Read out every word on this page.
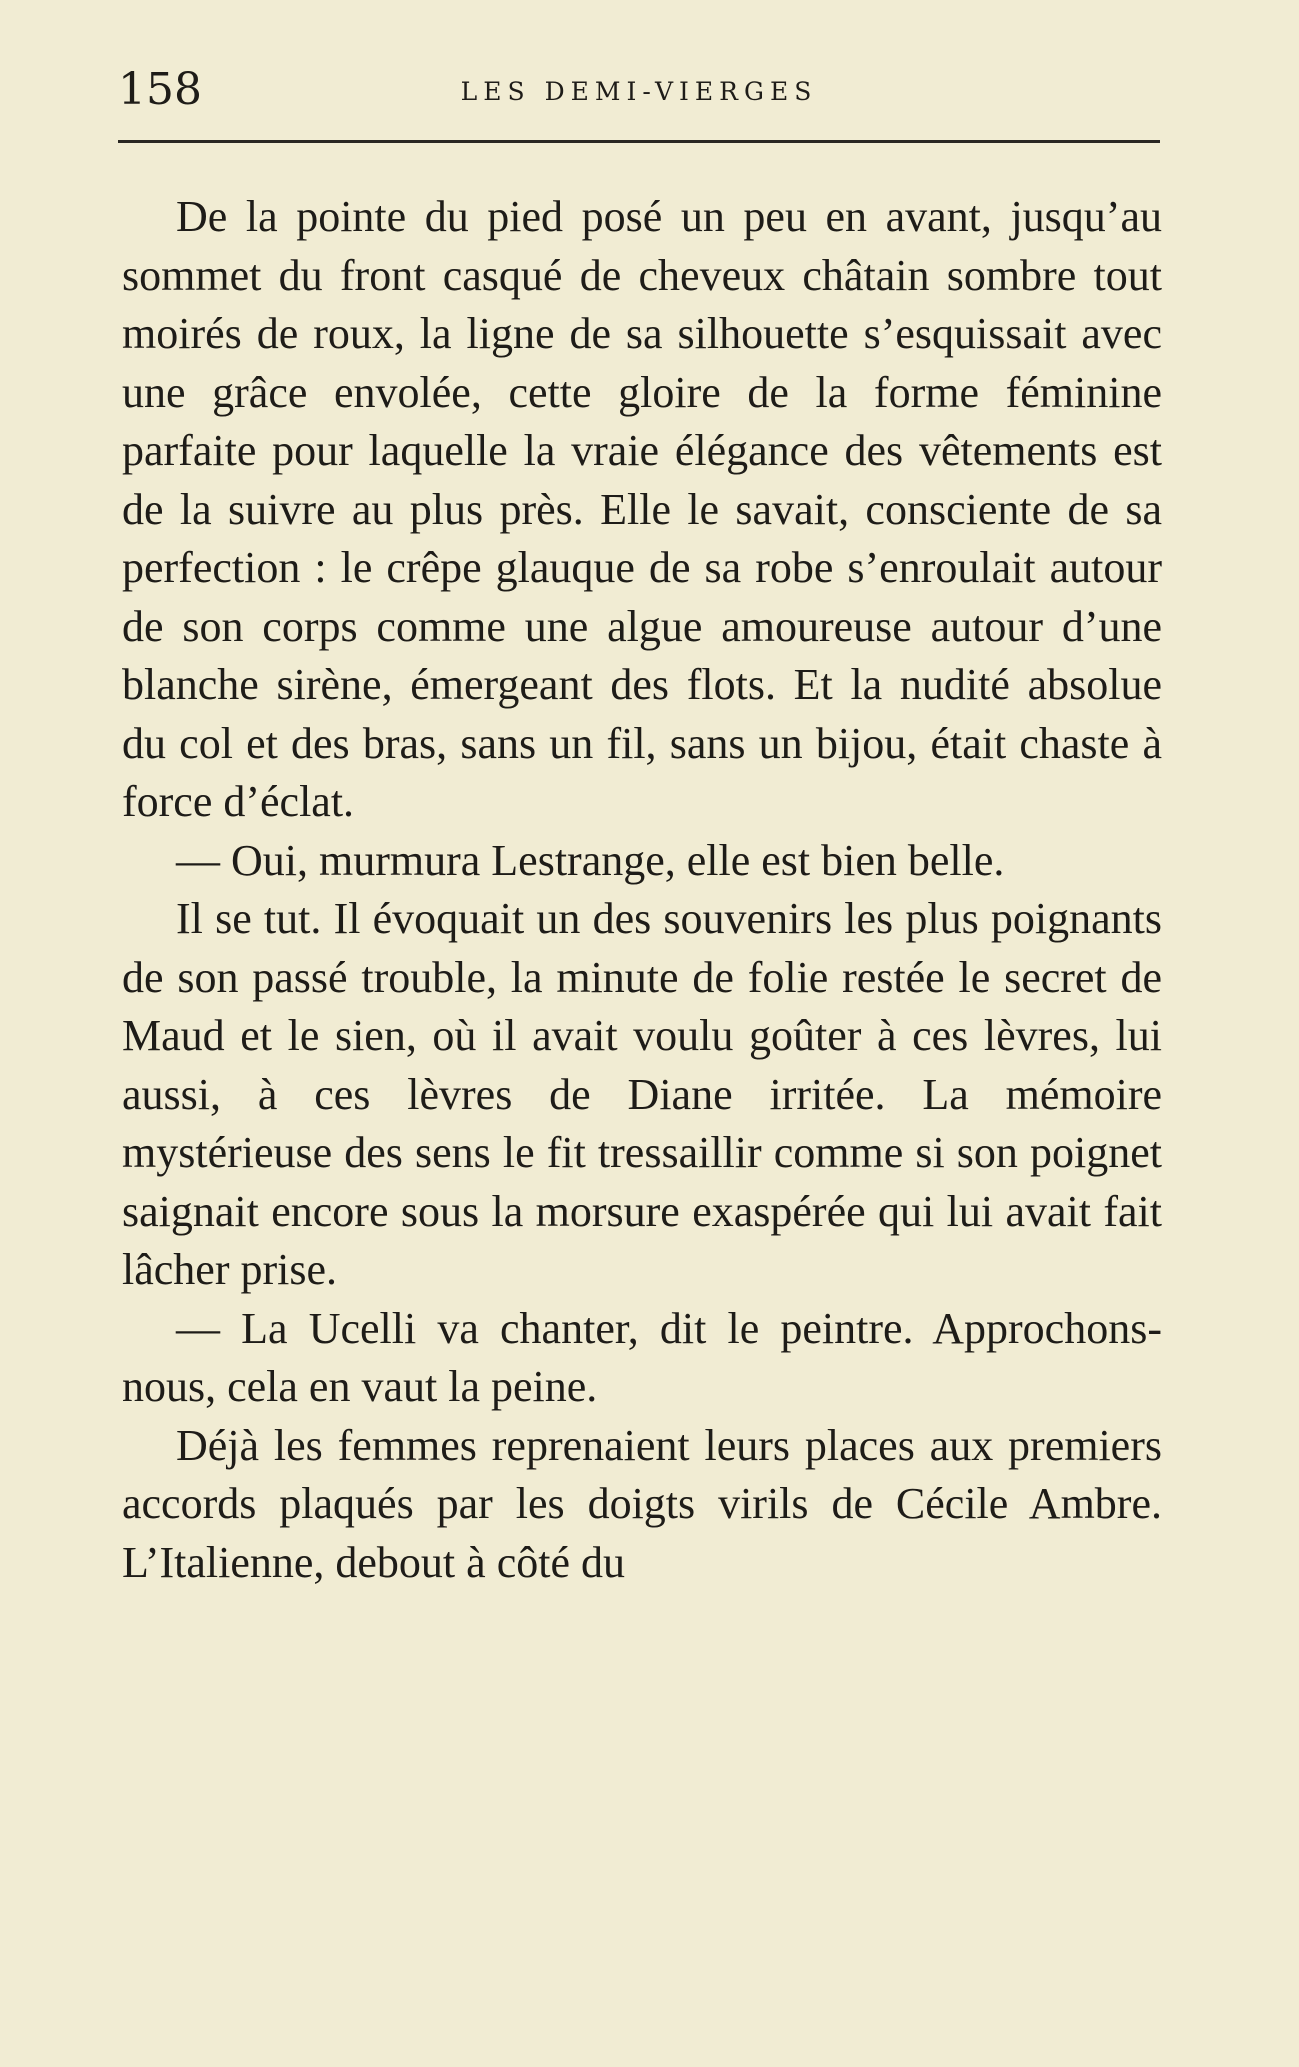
158	LES DEMI-VIERGES

De la pointe du pied posé un peu en avant, jusqu’au sommet du front casqué de cheveux châtain sombre tout moirés de roux, la ligne de sa silhouette s’esquissait avec une grâce envolée, cette gloire de la forme féminine parfaite pour laquelle la vraie élégance des vêtements est de la suivre au plus près. Elle le savait, consciente de sa perfection : le crêpe glauque de sa robe s’enroulait autour de son corps comme une algue amoureuse autour d’une blanche sirène, émergeant des flots. Et la nudité absolue du col et des bras, sans un fil, sans un bijou, était chaste à force d’éclat.

— Oui, murmura Lestrange, elle est bien belle.

Il se tut. Il évoquait un des souvenirs les plus poignants de son passé trouble, la minute de folie restée le secret de Maud et le sien, où il avait voulu goûter à ces lèvres, lui aussi, à ces lèvres de Diane irritée. La mémoire mystérieuse des sens le fit tressaillir comme si son poignet saignait encore sous la morsure exaspérée qui lui avait fait lâcher prise.

— La Ucelli va chanter, dit le peintre. Approchons-nous, cela en vaut la peine.

Déjà les femmes reprenaient leurs places aux premiers accords plaqués par les doigts virils de Cécile Ambre. L’Italienne, debout à côté du
